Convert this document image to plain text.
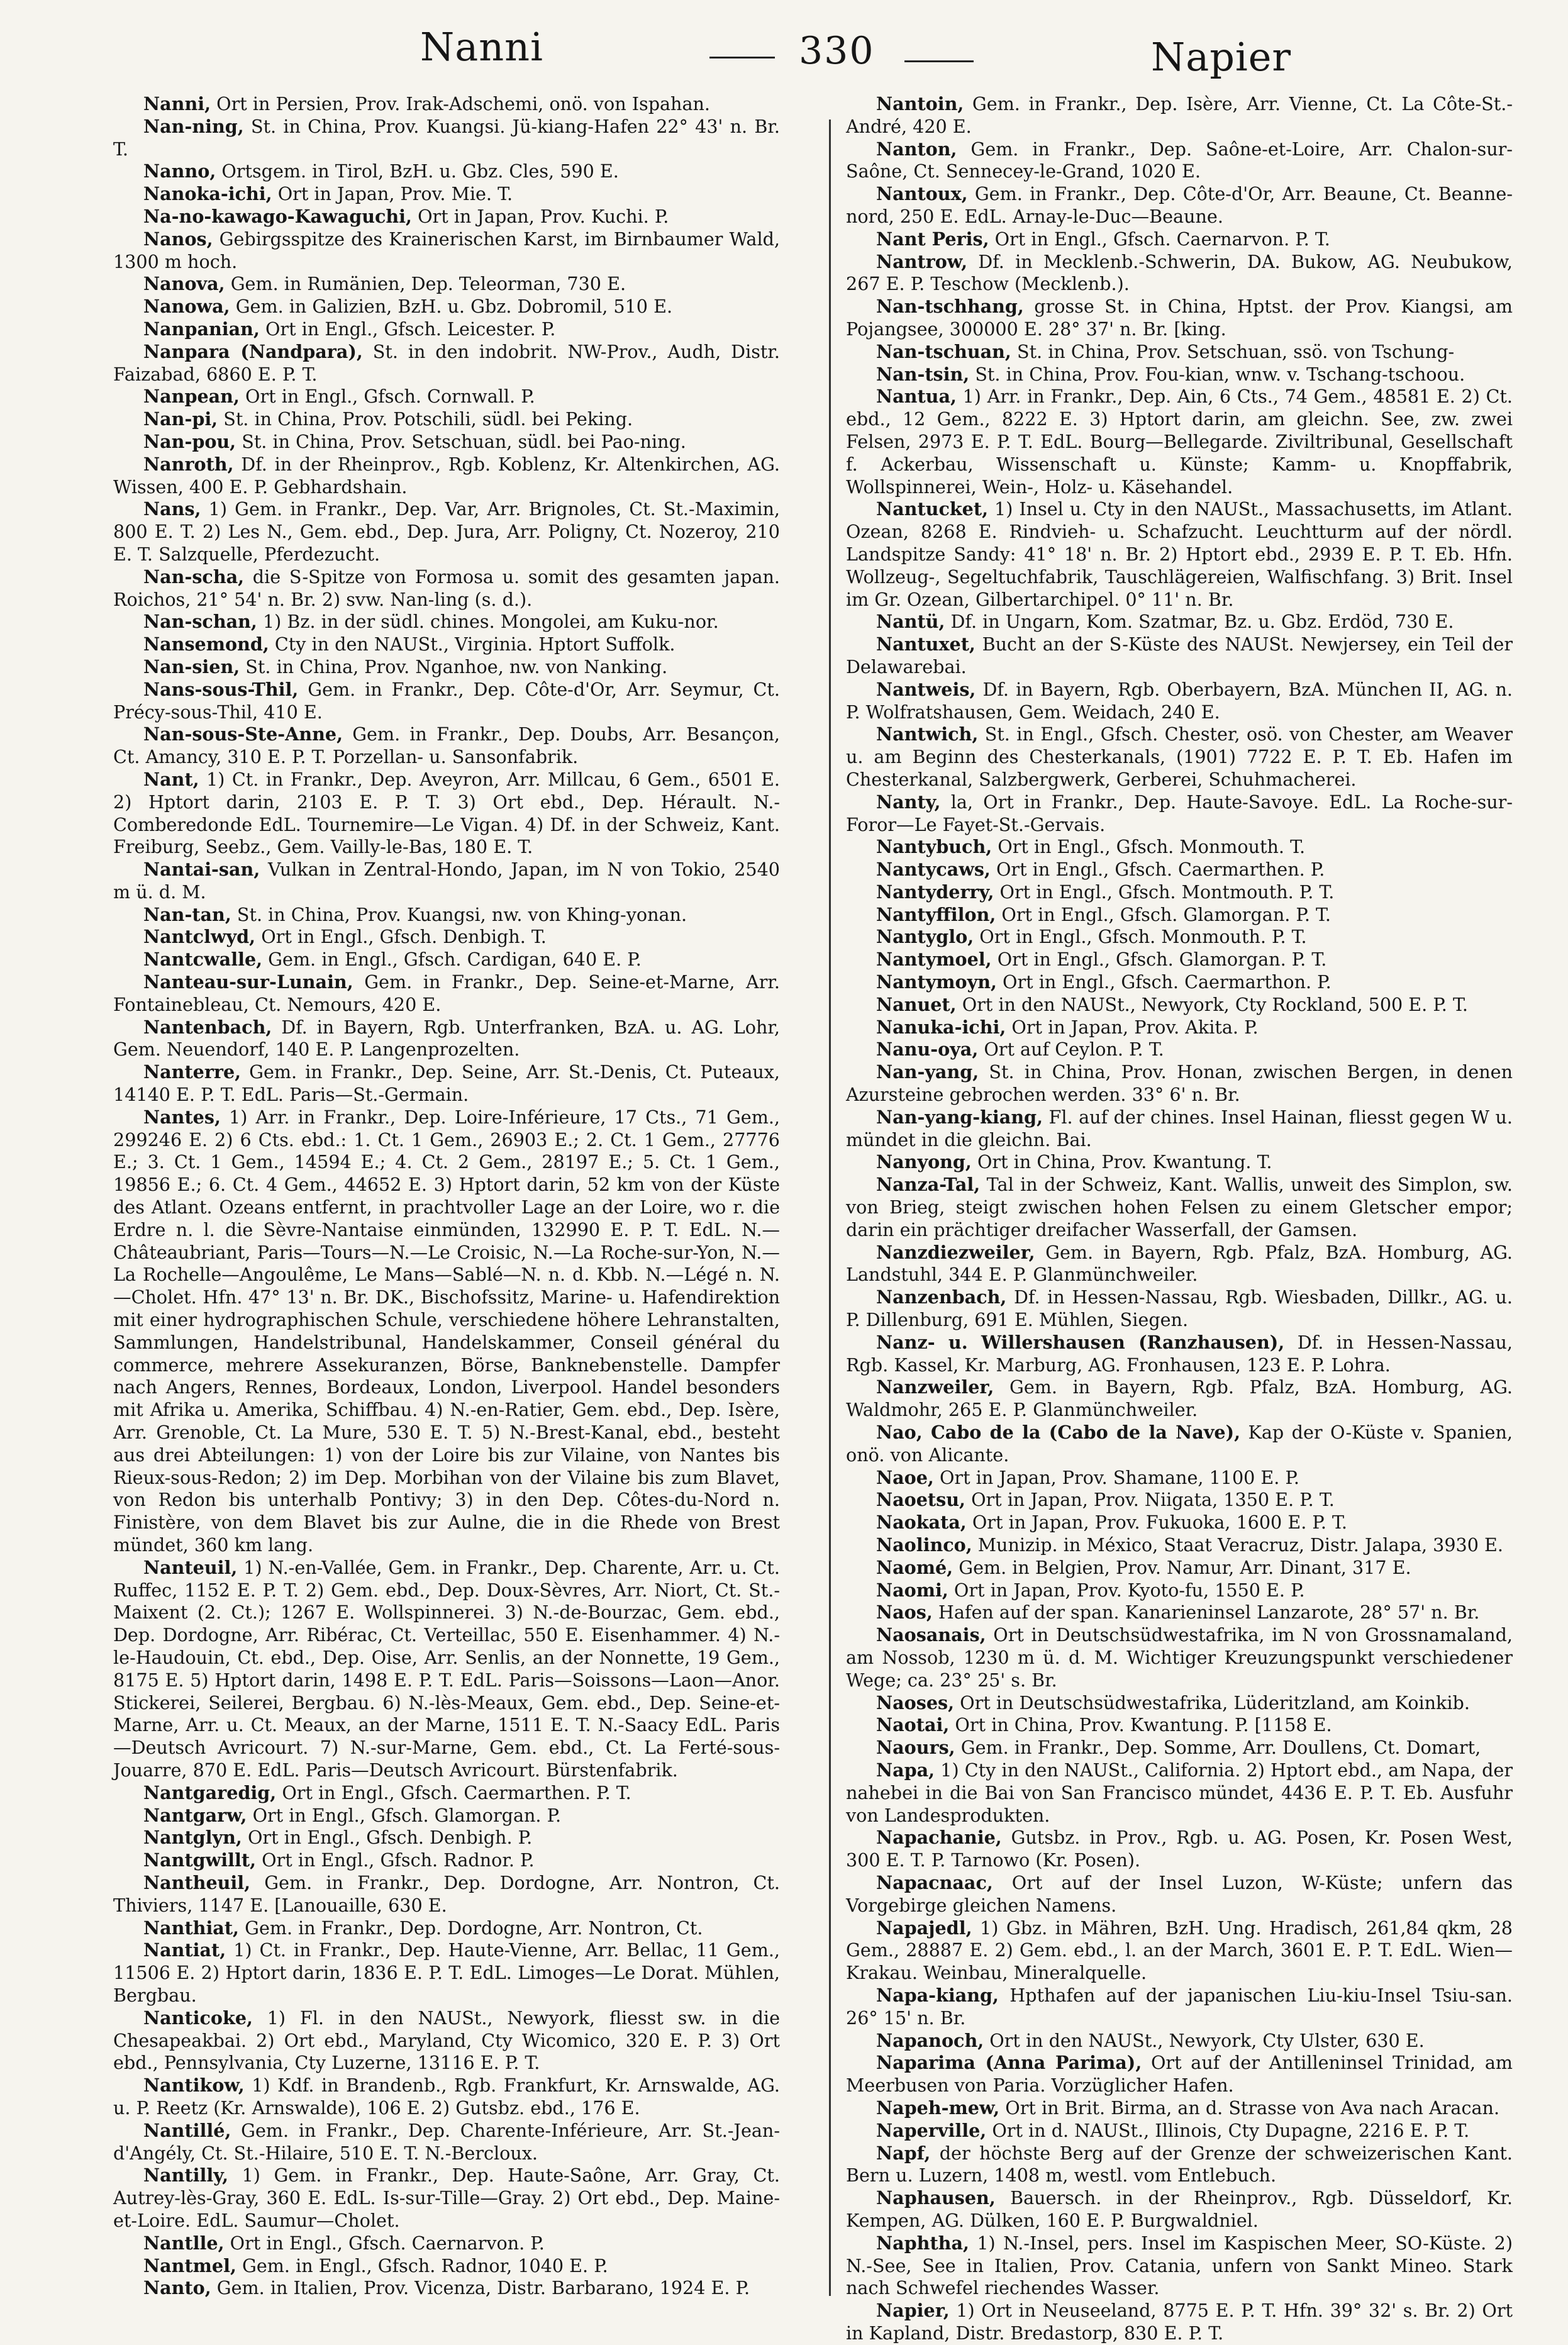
Nanni	330	Napier

Nanni, Ort in Persien, Prov. Irak-Adschemi, onö. von Ispahan.

Nan-ning, St. in China, Prov. Kuangsi. Jü-kiang-Hafen 22° 43' n. Br. T.

Nanno, Ortsgem. in Tirol, BzH. u. Gbz. Cles, 590 E.

Nanoka-ichi, Ort in Japan, Prov. Mie. T.

Na-no-kawago-Kawaguchi, Ort in Japan, Prov. Kuchi. P.

Nanos, Gebirgsspitze des Krainerischen Karst, im Birnbaumer Wald, 1300 m hoch.

Nanova, Gem. in Rumänien, Dep. Teleorman, 730 E.

Nanowa, Gem. in Galizien, BzH. u. Gbz. Dobromil, 510 E.

Nanpanian, Ort in Engl., Gfsch. Leicester. P.

Nanpara (Nandpara), St. in den indobrit. NW-Prov., Audh, Distr. Faizabad, 6860 E. P. T.

Nanpean, Ort in Engl., Gfsch. Cornwall. P.

Nan-pi, St. in China, Prov. Potschili, südl. bei Peking.

Nan-pou, St. in China, Prov. Setschuan, südl. bei Pao-ning.

Nanroth, Df. in der Rheinprov., Rgb. Koblenz, Kr. Altenkirchen, AG. Wissen, 400 E. P. Gebhardshain.

Nans, 1) Gem. in Frankr., Dep. Var, Arr. Brignoles, Ct. St.-Maximin, 800 E. T. 2) Les N., Gem. ebd., Dep. Jura, Arr. Poligny, Ct. Nozeroy, 210 E. T. Salzquelle, Pferdezucht.

Nan-scha, die S-Spitze von Formosa u. somit des gesamten japan. Roichos, 21° 54' n. Br. 2) svw. Nan-ling (s. d.).

Nan-schan, 1) Bz. in der südl. chines. Mongolei, am Kuku-nor.

Nansemond, Cty in den NAUSt., Virginia. Hptort Suffolk.

Nan-sien, St. in China, Prov. Nganhoe, nw. von Nanking.

Nans-sous-Thil, Gem. in Frankr., Dep. Côte-d'Or, Arr. Seymur, Ct. Précy-sous-Thil, 410 E.

Nan-sous-Ste-Anne, Gem. in Frankr., Dep. Doubs, Arr. Besançon, Ct. Amancy, 310 E. P. T. Porzellan- u. Sansonfabrik.

Nant, 1) Ct. in Frankr., Dep. Aveyron, Arr. Millcau, 6 Gem., 6501 E. 2) Hptort darin, 2103 E. P. T. 3) Ort ebd., Dep. Hérault. N.-Comberedonde EdL. Tournemire—Le Vigan. 4) Df. in der Schweiz, Kant. Freiburg, Seebz., Gem. Vailly-le-Bas, 180 E. T.

Nantai-san, Vulkan in Zentral-Hondo, Japan, im N von Tokio, 2540 m ü. d. M.

Nan-tan, St. in China, Prov. Kuangsi, nw. von Khing-yonan.

Nantclwyd, Ort in Engl., Gfsch. Denbigh. T.

Nantcwalle, Gem. in Engl., Gfsch. Cardigan, 640 E. P.

Nanteau-sur-Lunain, Gem. in Frankr., Dep. Seine-et-Marne, Arr. Fontainebleau, Ct. Nemours, 420 E.

Nantenbach, Df. in Bayern, Rgb. Unterfranken, BzA. u. AG. Lohr, Gem. Neuendorf, 140 E. P. Langenprozelten.

Nanterre, Gem. in Frankr., Dep. Seine, Arr. St.-Denis, Ct. Puteaux, 14140 E. P. T. EdL. Paris—St.-Germain.

Nantes, 1) Arr. in Frankr., Dep. Loire-Inférieure, 17 Cts., 71 Gem., 299246 E. 2) 6 Cts. ebd.: 1. Ct. 1 Gem., 26903 E.; 2. Ct. 1 Gem., 27776 E.; 3. Ct. 1 Gem., 14594 E.; 4. Ct. 2 Gem., 28197 E.; 5. Ct. 1 Gem., 19856 E.; 6. Ct. 4 Gem., 44652 E. 3) Hptort darin, 52 km von der Küste des Atlant. Ozeans entfernt, in prachtvoller Lage an der Loire, wo r. die Erdre n. l. die Sèvre-Nantaise einmünden, 132990 E. P. T. EdL. N.—Châteaubriant, Paris—Tours—N.—Le Croisic, N.—La Roche-sur-Yon, N.—La Rochelle—Angoulême, Le Mans—Sablé—N. n. d. Kbb. N.—Légé n. N.—Cholet. Hfn. 47° 13' n. Br. DK., Bischofssitz, Marine- u. Hafendirektion mit einer hydrographischen Schule, verschiedene höhere Lehranstalten, Sammlungen, Handelstribunal, Handelskammer, Conseil général du commerce, mehrere Assekuranzen, Börse, Banknebenstelle. Dampfer nach Angers, Rennes, Bordeaux, London, Liverpool. Handel besonders mit Afrika u. Amerika, Schiffbau. 4) N.-en-Ratier, Gem. ebd., Dep. Isère, Arr. Grenoble, Ct. La Mure, 530 E. T. 5) N.-Brest-Kanal, ebd., besteht aus drei Abteilungen: 1) von der Loire bis zur Vilaine, von Nantes bis Rieux-sous-Redon; 2) im Dep. Morbihan von der Vilaine bis zum Blavet, von Redon bis unterhalb Pontivy; 3) in den Dep. Côtes-du-Nord n. Finistère, von dem Blavet bis zur Aulne, die in die Rhede von Brest mündet, 360 km lang.

Nanteuil, 1) N.-en-Vallée, Gem. in Frankr., Dep. Charente, Arr. u. Ct. Ruffec, 1152 E. P. T. 2) Gem. ebd., Dep. Doux-Sèvres, Arr. Niort, Ct. St.-Maixent (2. Ct.); 1267 E. Wollspinnerei. 3) N.-de-Bourzac, Gem. ebd., Dep. Dordogne, Arr. Ribérac, Ct. Verteillac, 550 E. Eisenhammer. 4) N.-le-Haudouin, Ct. ebd., Dep. Oise, Arr. Senlis, an der Nonnette, 19 Gem., 8175 E. 5) Hptort darin, 1498 E. P. T. EdL. Paris—Soissons—Laon—Anor. Stickerei, Seilerei, Bergbau. 6) N.-lès-Meaux, Gem. ebd., Dep. Seine-et-Marne, Arr. u. Ct. Meaux, an der Marne, 1511 E. T. N.-Saacy EdL. Paris—Deutsch Avricourt. 7) N.-sur-Marne, Gem. ebd., Ct. La Ferté-sous-Jouarre, 870 E. EdL. Paris—Deutsch Avricourt. Bürstenfabrik.

Nantgaredig, Ort in Engl., Gfsch. Caermarthen. P. T.

Nantgarw, Ort in Engl., Gfsch. Glamorgan. P.

Nantglyn, Ort in Engl., Gfsch. Denbigh. P.

Nantgwillt, Ort in Engl., Gfsch. Radnor. P.

Nantheuil, Gem. in Frankr., Dep. Dordogne, Arr. Nontron, Ct. Thiviers, 1147 E. [Lanouaille, 630 E.

Nanthiat, Gem. in Frankr., Dep. Dordogne, Arr. Nontron, Ct.

Nantiat, 1) Ct. in Frankr., Dep. Haute-Vienne, Arr. Bellac, 11 Gem., 11506 E. 2) Hptort darin, 1836 E. P. T. EdL. Limoges—Le Dorat. Mühlen, Bergbau.

Nanticoke, 1) Fl. in den NAUSt., Newyork, fliesst sw. in die Chesapeakbai. 2) Ort ebd., Maryland, Cty Wicomico, 320 E. P. 3) Ort ebd., Pennsylvania, Cty Luzerne, 13116 E. P. T.

Nantikow, 1) Kdf. in Brandenb., Rgb. Frankfurt, Kr. Arnswalde, AG. u. P. Reetz (Kr. Arnswalde), 106 E. 2) Gutsbz. ebd., 176 E.

Nantillé, Gem. in Frankr., Dep. Charente-Inférieure, Arr. St.-Jean-d'Angély, Ct. St.-Hilaire, 510 E. T. N.-Bercloux.

Nantilly, 1) Gem. in Frankr., Dep. Haute-Saône, Arr. Gray, Ct. Autrey-lès-Gray, 360 E. EdL. Is-sur-Tille—Gray. 2) Ort ebd., Dep. Maine-et-Loire. EdL. Saumur—Cholet.

Nantlle, Ort in Engl., Gfsch. Caernarvon. P.

Nantmel, Gem. in Engl., Gfsch. Radnor, 1040 E. P.

Nanto, Gem. in Italien, Prov. Vicenza, Distr. Barbarano, 1924 E. P.

Nantoin, Gem. in Frankr., Dep. Isère, Arr. Vienne, Ct. La Côte-St.-André, 420 E.

Nanton, Gem. in Frankr., Dep. Saône-et-Loire, Arr. Chalon-sur-Saône, Ct. Sennecey-le-Grand, 1020 E.

Nantoux, Gem. in Frankr., Dep. Côte-d'Or, Arr. Beaune, Ct. Beanne-nord, 250 E. EdL. Arnay-le-Duc—Beaune.

Nant Peris, Ort in Engl., Gfsch. Caernarvon. P. T.

Nantrow, Df. in Mecklenb.-Schwerin, DA. Bukow, AG. Neubukow, 267 E. P. Teschow (Mecklenb.).

Nan-tschhang, grosse St. in China, Hptst. der Prov. Kiangsi, am Pojangsee, 300000 E. 28° 37' n. Br. [king.

Nan-tschuan, St. in China, Prov. Setschuan, ssö. von Tschung-

Nan-tsin, St. in China, Prov. Fou-kian, wnw. v. Tschang-tschoou.

Nantua, 1) Arr. in Frankr., Dep. Ain, 6 Cts., 74 Gem., 48581 E. 2) Ct. ebd., 12 Gem., 8222 E. 3) Hptort darin, am gleichn. See, zw. zwei Felsen, 2973 E. P. T. EdL. Bourg—Bellegarde. Ziviltribunal, Gesellschaft f. Ackerbau, Wissenschaft u. Künste; Kamm- u. Knopffabrik, Wollspinnerei, Wein-, Holz- u. Käsehandel.

Nantucket, 1) Insel u. Cty in den NAUSt., Massachusetts, im Atlant. Ozean, 8268 E. Rindvieh- u. Schafzucht. Leuchtturm auf der nördl. Landspitze Sandy: 41° 18' n. Br. 2) Hptort ebd., 2939 E. P. T. Eb. Hfn. Wollzeug-, Segeltuchfabrik, Tauschlägereien, Walfischfang. 3) Brit. Insel im Gr. Ozean, Gilbertarchipel. 0° 11' n. Br.

Nantü, Df. in Ungarn, Kom. Szatmar, Bz. u. Gbz. Erdöd, 730 E.

Nantuxet, Bucht an der S-Küste des NAUSt. Newjersey, ein Teil der Delawarebai.

Nantweis, Df. in Bayern, Rgb. Oberbayern, BzA. München II, AG. n. P. Wolfratshausen, Gem. Weidach, 240 E.

Nantwich, St. in Engl., Gfsch. Chester, osö. von Chester, am Weaver u. am Beginn des Chesterkanals, (1901) 7722 E. P. T. Eb. Hafen im Chesterkanal, Salzbergwerk, Gerberei, Schuhmacherei.

Nanty, la, Ort in Frankr., Dep. Haute-Savoye. EdL. La Roche-sur-Foror—Le Fayet-St.-Gervais.

Nantybuch, Ort in Engl., Gfsch. Monmouth. T.

Nantycaws, Ort in Engl., Gfsch. Caermarthen. P.

Nantyderry, Ort in Engl., Gfsch. Montmouth. P. T.

Nantyffilon, Ort in Engl., Gfsch. Glamorgan. P. T.

Nantyglo, Ort in Engl., Gfsch. Monmouth. P. T.

Nantymoel, Ort in Engl., Gfsch. Glamorgan. P. T.

Nantymoyn, Ort in Engl., Gfsch. Caermarthon. P.

Nanuet, Ort in den NAUSt., Newyork, Cty Rockland, 500 E. P. T.

Nanuka-ichi, Ort in Japan, Prov. Akita. P.

Nanu-oya, Ort auf Ceylon. P. T.

Nan-yang, St. in China, Prov. Honan, zwischen Bergen, in denen Azursteine gebrochen werden. 33° 6' n. Br.

Nan-yang-kiang, Fl. auf der chines. Insel Hainan, fliesst gegen W u. mündet in die gleichn. Bai.

Nanyong, Ort in China, Prov. Kwantung. T.

Nanza-Tal, Tal in der Schweiz, Kant. Wallis, unweit des Simplon, sw. von Brieg, steigt zwischen hohen Felsen zu einem Gletscher empor; darin ein prächtiger dreifacher Wasserfall, der Gamsen.

Nanzdiezweiler, Gem. in Bayern, Rgb. Pfalz, BzA. Homburg, AG. Landstuhl, 344 E. P. Glanmünchweiler.

Nanzenbach, Df. in Hessen-Nassau, Rgb. Wiesbaden, Dillkr., AG. u. P. Dillenburg, 691 E. Mühlen, Siegen.

Nanz- u. Willershausen (Ranzhausen), Df. in Hessen-Nassau, Rgb. Kassel, Kr. Marburg, AG. Fronhausen, 123 E. P. Lohra.

Nanzweiler, Gem. in Bayern, Rgb. Pfalz, BzA. Homburg, AG. Waldmohr, 265 E. P. Glanmünchweiler.

Nao, Cabo de la (Cabo de la Nave), Kap der O-Küste v. Spanien, onö. von Alicante.

Naoe, Ort in Japan, Prov. Shamane, 1100 E. P.

Naoetsu, Ort in Japan, Prov. Niigata, 1350 E. P. T.

Naokata, Ort in Japan, Prov. Fukuoka, 1600 E. P. T.

Naolinco, Munizip. in México, Staat Veracruz, Distr. Jalapa, 3930 E.

Naomé, Gem. in Belgien, Prov. Namur, Arr. Dinant, 317 E.

Naomi, Ort in Japan, Prov. Kyoto-fu, 1550 E. P.

Naos, Hafen auf der span. Kanarieninsel Lanzarote, 28° 57' n. Br.

Naosanais, Ort in Deutschsüdwestafrika, im N von Grossnamaland, am Nossob, 1230 m ü. d. M. Wichtiger Kreuzungspunkt verschiedener Wege; ca. 23° 25' s. Br.

Naoses, Ort in Deutschsüdwestafrika, Lüderitzland, am Koinkib.

Naotai, Ort in China, Prov. Kwantung. P. [1158 E.

Naours, Gem. in Frankr., Dep. Somme, Arr. Doullens, Ct. Domart,

Napa, 1) Cty in den NAUSt., California. 2) Hptort ebd., am Napa, der nahebei in die Bai von San Francisco mündet, 4436 E. P. T. Eb. Ausfuhr von Landesprodukten.

Napachanie, Gutsbz. in Prov., Rgb. u. AG. Posen, Kr. Posen West, 300 E. T. P. Tarnowo (Kr. Posen).

Napacnaac, Ort auf der Insel Luzon, W-Küste; unfern das Vorgebirge gleichen Namens.

Napajedl, 1) Gbz. in Mähren, BzH. Ung. Hradisch, 261,84 qkm, 28 Gem., 28887 E. 2) Gem. ebd., l. an der March, 3601 E. P. T. EdL. Wien—Krakau. Weinbau, Mineralquelle.

Napa-kiang, Hpthafen auf der japanischen Liu-kiu-Insel Tsiu-san. 26° 15' n. Br.

Napanoch, Ort in den NAUSt., Newyork, Cty Ulster, 630 E.

Naparima (Anna Parima), Ort auf der Antilleninsel Trinidad, am Meerbusen von Paria. Vorzüglicher Hafen.

Napeh-mew, Ort in Brit. Birma, an d. Strasse von Ava nach Aracan.

Naperville, Ort in d. NAUSt., Illinois, Cty Dupagne, 2216 E. P. T.

Napf, der höchste Berg auf der Grenze der schweizerischen Kant. Bern u. Luzern, 1408 m, westl. vom Entlebuch.

Naphausen, Bauersch. in der Rheinprov., Rgb. Düsseldorf, Kr. Kempen, AG. Dülken, 160 E. P. Burgwaldniel.

Naphtha, 1) N.-Insel, pers. Insel im Kaspischen Meer, SO-Küste. 2) N.-See, See in Italien, Prov. Catania, unfern von Sankt Mineo. Stark nach Schwefel riechendes Wasser.

Napier, 1) Ort in Neuseeland, 8775 E. P. T. Hfn. 39° 32' s. Br. 2) Ort in Kapland, Distr. Bredastorp, 830 E. P. T.
